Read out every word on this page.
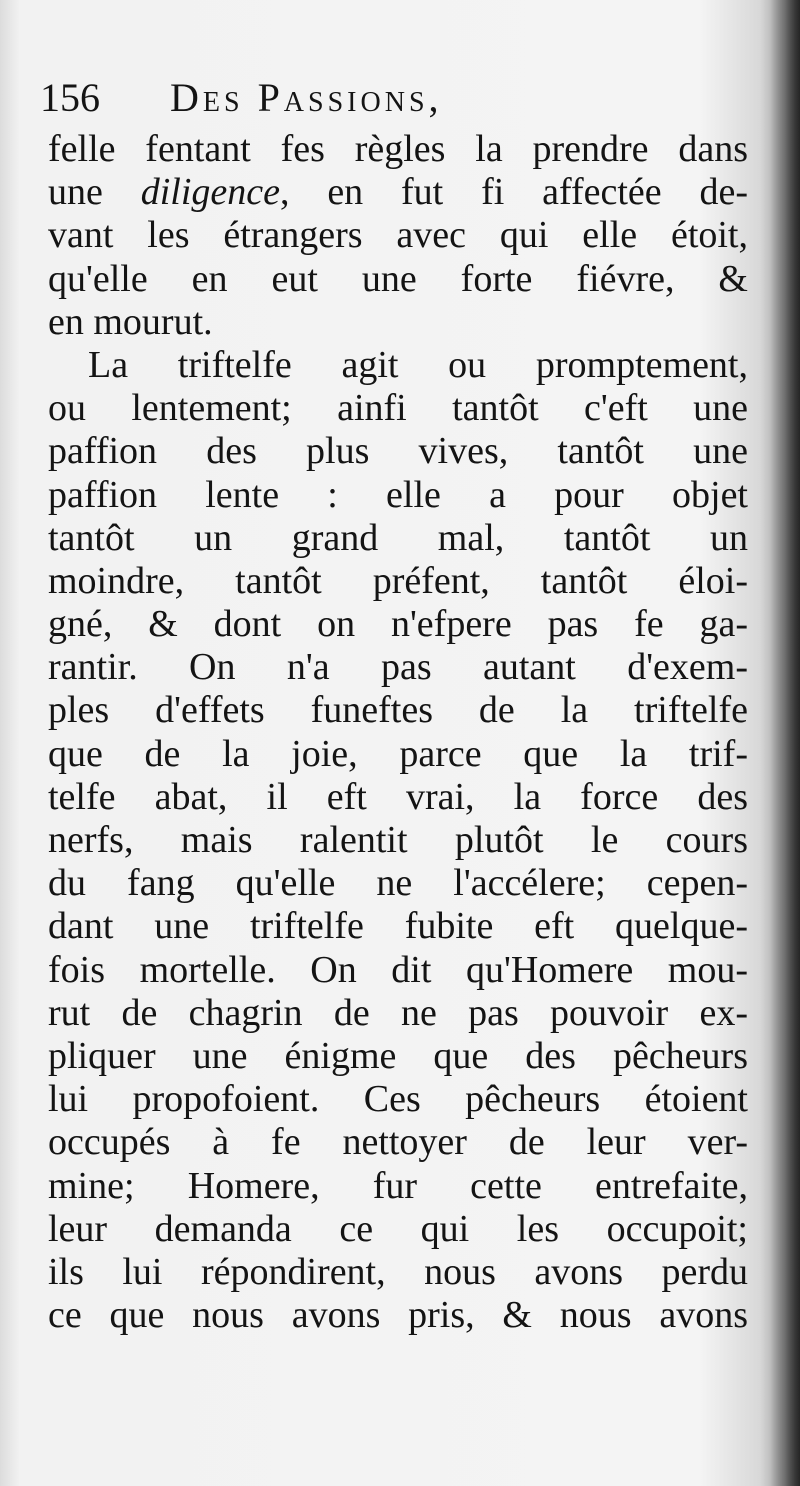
156 Des Passions,
felle fentant fes règles la prendre dans
une diligence, en fut fi affectée de-
vant les étrangers avec qui elle étoit,
qu'elle en eut une forte fiévre, &
en mourut.
La triftelfe agit ou promptement,
ou lentement; ainfi tantôt c'eft une
paffion des plus vives, tantôt une
paffion lente : elle a pour objet
tantôt un grand mal, tantôt un
moindre, tantôt préfent, tantôt éloi-
gné, & dont on n'efpere pas fe ga-
rantir. On n'a pas autant d'exem-
ples d'effets funeftes de la triftelfe
que de la joie, parce que la trif-
telfe abat, il eft vrai, la force des
nerfs, mais ralentit plutôt le cours
du fang qu'elle ne l'accélere; cepen-
dant une triftelfe fubite eft quelque-
fois mortelle. On dit qu'Homere mou-
rut de chagrin de ne pas pouvoir ex-
pliquer une énigme que des pêcheurs
lui propofoient. Ces pêcheurs étoient
occupés à fe nettoyer de leur ver-
mine; Homere, fur cette entrefaite,
leur demanda ce qui les occupoit;
ils lui répondirent, nous avons perdu
ce que nous avons pris, & nous avons
